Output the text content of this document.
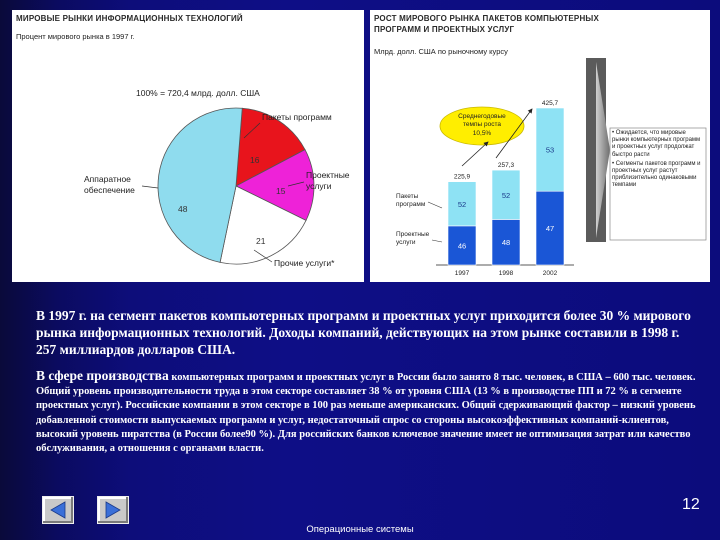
МИРОВЫЕ РЫНКИ ИНФОРМАЦИОННЫХ ТЕХНОЛОГИЙ
Процент мирового рынка в 1997 г.
100% = 720,4 млрд. долл. США
Пакеты программ
Проектные
услуги
Прочие услуги*
Аппаратное
обеспечение
16
15
21
48
РОСТ МИРОВОГО РЫНКА ПАКЕТОВ КОМПЬЮТЕРНЫХ
ПРОГРАММ И ПРОЕКТНЫХ УСЛУГ
Млрд. долл. США по рыночному курсу
Среднегодовые
темпы роста
10,5%
46
52
225,9
1997
48
52
257,3
1998
47
53
425,7
2002
Пакеты
программ
Проектные
услуги
• Ожидается, что мировые рынки компьютерных программ и проектных услуг продолжат быстро расти
• Сегменты пакетов программ и проектных услуг растут приблизительно одинаковыми темпами
В 1997 г. на сегмент пакетов компьютерных программ и проектных услуг приходится более 30 % мирового рынка информационных технологий. Доходы компаний, действующих на этом рынке составили в 1998 г. 257 миллиардов долларов США.
В сфере производства компьютерных программ и проектных услуг в России было занято 8 тыс. человек, в США – 600 тыс. человек. Общий уровень производительности труда в этом секторе составляет 38 % от уровня США (13 % в производстве ПП и 72 % в сегменте проектных услуг). Российские компании в этом секторе в 100 раз меньше американских. Общий сдерживающий фактор – низкий уровень добавленной стоимости выпускаемых программ и услуг, недостаточный спрос со стороны высокоэффективных компаний-клиентов, высокий уровень пиратства (в России более90 %). Для российских банков ключевое значение имеет не оптимизация затрат или качество обслуживания, а отношения с органами власти.
12
Операционные системы
